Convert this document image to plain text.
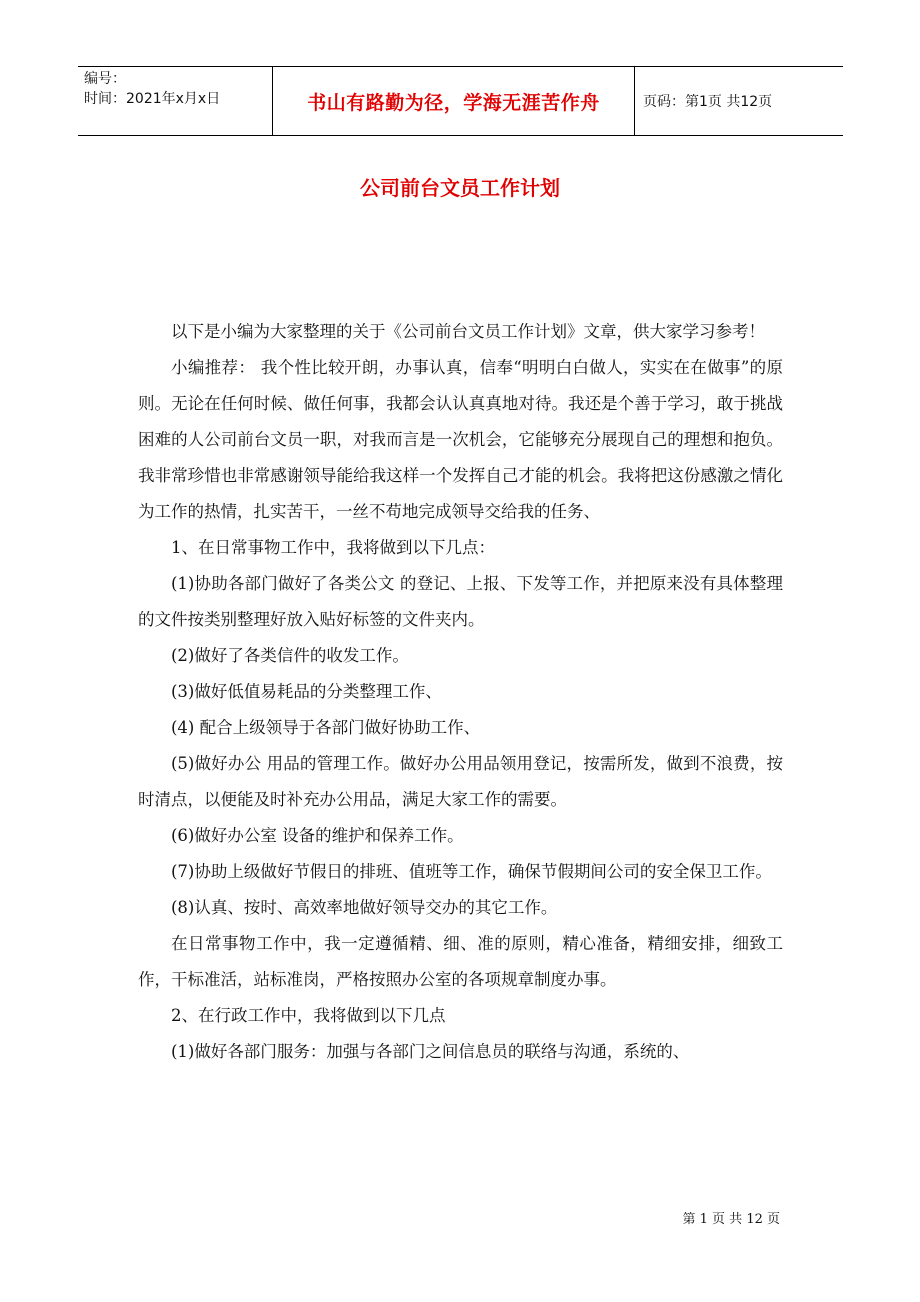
编号：
时间：2021年x月x日	书山有路勤为径，学海无涯苦作舟	页码：第1页 共12页
公司前台文员工作计划

以下是小编为大家整理的关于《公司前台文员工作计划》文章，供大家学习参考！

小编推荐： 我个性比较开朗，办事认真，信奉“明明白白做人，实实在在做事”的原则。无论在任何时候、做任何事，我都会认认真真地对待。我还是个善于学习，敢于挑战困难的人公司前台文员一职，对我而言是一次机会，它能够充分展现自己的理想和抱负。我非常珍惜也非常感谢领导能给我这样一个发挥自己才能的机会。我将把这份感激之情化为工作的热情，扎实苦干，一丝不苟地完成领导交给我的任务、

1、在日常事物工作中，我将做到以下几点：

(1)协助各部门做好了各类公文 的登记、上报、下发等工作，并把原来没有具体整理的文件按类别整理好放入贴好标签的文件夹内。

(2)做好了各类信件的收发工作。

(3)做好低值易耗品的分类整理工作、

(4) 配合上级领导于各部门做好协助工作、

(5)做好办公 用品的管理工作。做好办公用品领用登记，按需所发，做到不浪费，按时清点，以便能及时补充办公用品，满足大家工作的需要。

(6)做好办公室 设备的维护和保养工作。

(7)协助上级做好节假日的排班、值班等工作，确保节假期间公司的安全保卫工作。

(8)认真、按时、高效率地做好领导交办的其它工作。

在日常事物工作中，我一定遵循精、细、准的原则，精心准备，精细安排，细致工作，干标准活，站标准岗，严格按照办公室的各项规章制度办事。

2、在行政工作中，我将做到以下几点

(1)做好各部门服务：加强与各部门之间信息员的联络与沟通，系统的、

第 1 页 共 12 页
